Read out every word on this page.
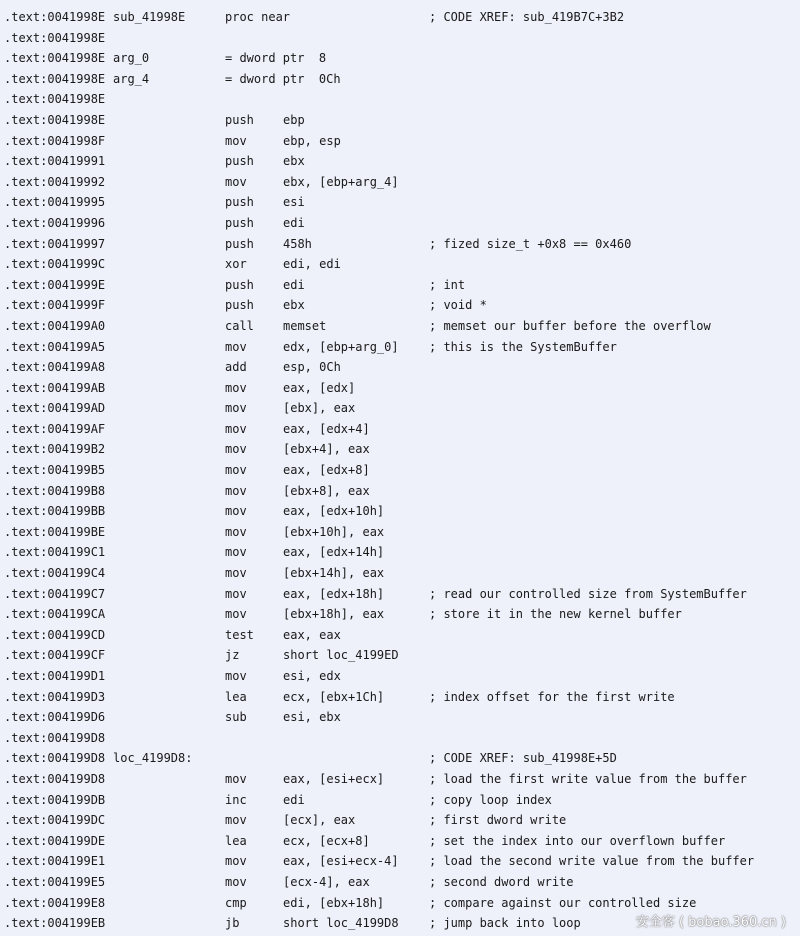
.text:0041998E sub_41998E	proc near	; CODE XREF: sub_419B7C+3B2
.text:0041998E
.text:0041998E arg_0	= dword ptr  8
.text:0041998E arg_4	= dword ptr  0Ch
.text:0041998E
.text:0041998E	push ebp
.text:0041998F	mov	ebp, esp
.text:00419991	push ebx
.text:00419992	mov	ebx, [ebp+arg_4]
.text:00419995	push esi
.text:00419996	push edi
.text:00419997	push 458h	; fized size_t +0x8 == 0x460
.text:0041999C	xor	edi, edi
.text:0041999E	push edi	; int
.text:0041999F	push ebx	; void *
.text:004199A0	call memset	; memset our buffer before the overflow
.text:004199A5	mov	edx, [ebp+arg_0]	; this is the SystemBuffer
.text:004199A8	add	esp, 0Ch
.text:004199AB	mov	eax, [edx]
.text:004199AD	mov	[ebx], eax
.text:004199AF	mov	eax, [edx+4]
.text:004199B2	mov	[ebx+4], eax
.text:004199B5	mov	eax, [edx+8]
.text:004199B8	mov	[ebx+8], eax
.text:004199BB	mov	eax, [edx+10h]
.text:004199BE	mov	[ebx+10h], eax
.text:004199C1	mov	eax, [edx+14h]
.text:004199C4	mov	[ebx+14h], eax
.text:004199C7	mov	eax, [edx+18h]	; read our controlled size from SystemBuffer
.text:004199CA	mov	[ebx+18h], eax	; store it in the new kernel buffer
.text:004199CD	test eax, eax
.text:004199CF	jz	short loc_4199ED
.text:004199D1	mov	esi, edx
.text:004199D3	lea	ecx, [ebx+1Ch]	; index offset for the first write
.text:004199D6	sub	esi, ebx
.text:004199D8
.text:004199D8 loc_4199D8:	; CODE XREF: sub_41998E+5D
.text:004199D8	mov	eax, [esi+ecx]	; load the first write value from the buffer
.text:004199DB	inc	edi	; copy loop index
.text:004199DC	mov	[ecx], eax	; first dword write
.text:004199DE	lea	ecx, [ecx+8]	; set the index into our overflown buffer
.text:004199E1	mov	eax, [esi+ecx-4]	; load the second write value from the buffer
.text:004199E5	mov	[ecx-4], eax	; second dword write
.text:004199E8	cmp	edi, [ebx+18h]	; compare against our controlled size
.text:004199EB	jb	short loc_4199D8	; jump back into loop	安全客 ( bobao.360.cn )
